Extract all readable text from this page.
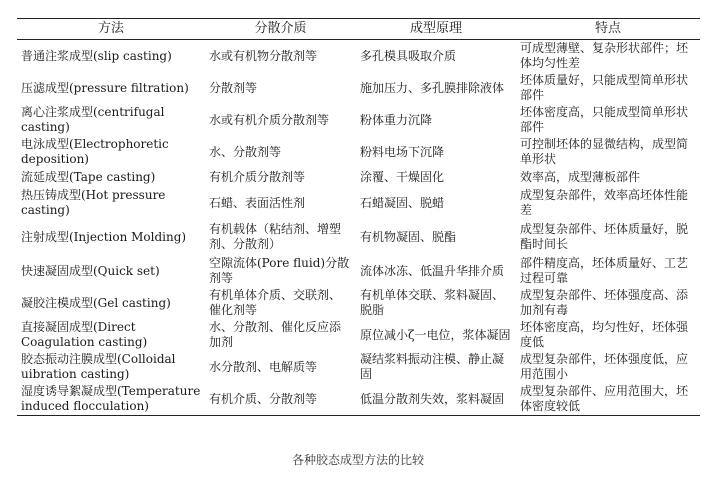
方法	分散介质	成型原理	特点
普通注浆成型(slip casting)	水或有机物分散剂等	多孔模具吸取介质	可成型薄壁、复杂形状部件；坯体均匀性差
压滤成型(pressure filtration)	分散剂等	施加压力、多孔膜排除液体	坯体质量好，只能成型简单形状部件
离心注浆成型(centrifugal casting)	水或有机介质分散剂等	粉体重力沉降	坯体密度高，只能成型简单形状部件
电泳成型(Electrophoretic deposition)	水、分散剂等	粉料电场下沉降	可控制坯体的显微结构，成型简单形状
流延成型(Tape casting)	有机介质分散剂等	涂覆、干燥固化	效率高，成型薄板部件
热压铸成型(Hot pressure casting)	石蜡、表面活性剂	石蜡凝固、脱蜡	成型复杂部件，效率高坯体性能差
注射成型(Injection Molding)	有机载体（粘结剂、增塑剂、分散剂）	有机物凝固、脱酯	成型复杂部件、坯体质量好，脱酯时间长
快速凝固成型(Quick set)	空隙流体(Pore fluid)分散剂等	流体冰冻、低温升华排介质	部件精度高，坯体质量好、工艺过程可靠
凝胶注模成型(Gel casting)	有机单体介质、交联剂、催化剂等	有机单体交联、浆料凝固、脱脂	成型复杂部件、坯体强度高、添加剂有毒
直接凝固成型(Direct Coagulation casting)	水、分散剂、催化反应添加剂	原位减小ζ一电位，浆体凝固	坯体密度高，均匀性好，坯体强度低
胶态振动注膜成型(Colloidal uibration casting)	水分散剂、电解质等	凝结浆料振动注模、静止凝固	成型复杂部件，坯体强度低，应用范围小
湿度诱导絮凝成型(Temperature induced flocculation)	有机介质、分散剂等	低温分散剂失效，浆料凝固	成型复杂部件、应用范围大，坯体密度较低
各种胶态成型方法的比较
